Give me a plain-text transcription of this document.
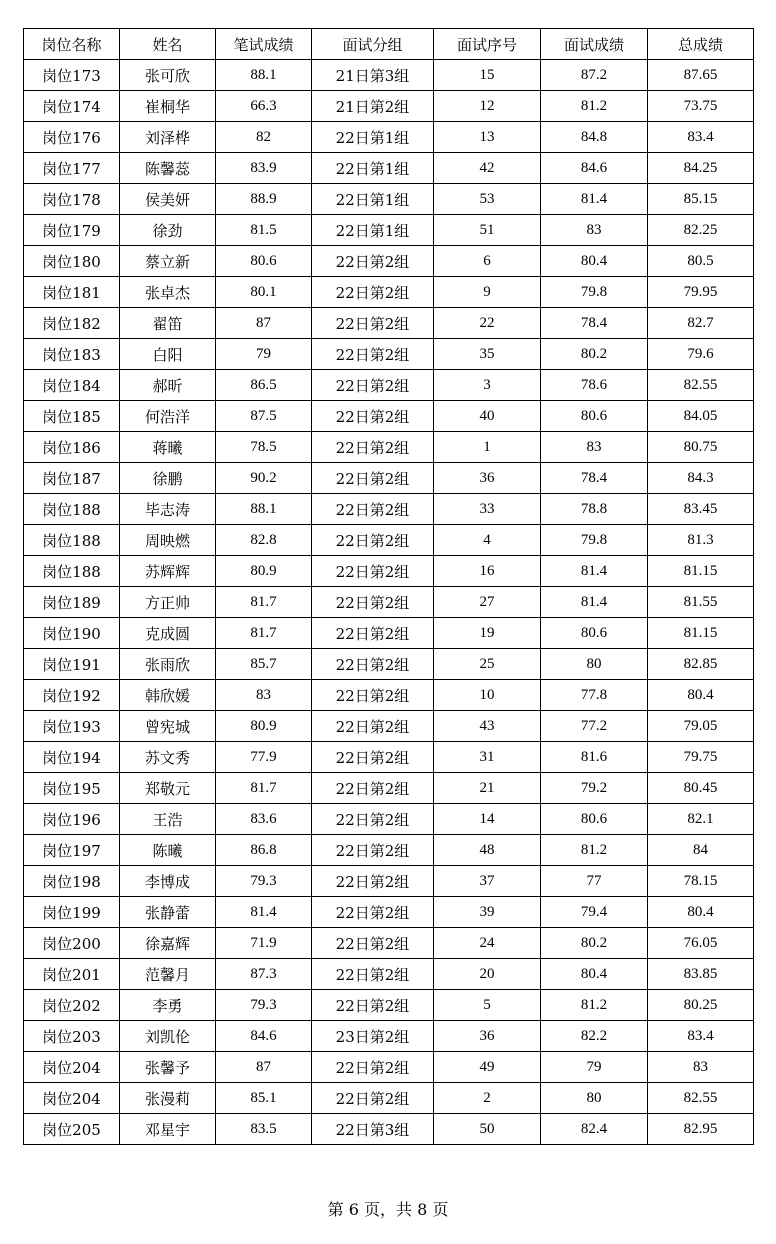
岗位名称	姓名	笔试成绩	面试分组	面试序号	面试成绩	总成绩
岗位173	张可欣	88.1	21日第3组	15	87.2	87.65
岗位174	崔桐华	66.3	21日第2组	12	81.2	73.75
岗位176	刘泽桦	82	22日第1组	13	84.8	83.4
岗位177	陈馨蕊	83.9	22日第1组	42	84.6	84.25
岗位178	侯美妍	88.9	22日第1组	53	81.4	85.15
岗位179	徐劲	81.5	22日第1组	51	83	82.25
岗位180	蔡立新	80.6	22日第2组	6	80.4	80.5
岗位181	张卓杰	80.1	22日第2组	9	79.8	79.95
岗位182	翟笛	87	22日第2组	22	78.4	82.7
岗位183	白阳	79	22日第2组	35	80.2	79.6
岗位184	郝昕	86.5	22日第2组	3	78.6	82.55
岗位185	何浩洋	87.5	22日第2组	40	80.6	84.05
岗位186	蒋曦	78.5	22日第2组	1	83	80.75
岗位187	徐鹏	90.2	22日第2组	36	78.4	84.3
岗位188	毕志涛	88.1	22日第2组	33	78.8	83.45
岗位188	周映燃	82.8	22日第2组	4	79.8	81.3
岗位188	苏辉辉	80.9	22日第2组	16	81.4	81.15
岗位189	方正帅	81.7	22日第2组	27	81.4	81.55
岗位190	克成圆	81.7	22日第2组	19	80.6	81.15
岗位191	张雨欣	85.7	22日第2组	25	80	82.85
岗位192	韩欣媛	83	22日第2组	10	77.8	80.4
岗位193	曾宪城	80.9	22日第2组	43	77.2	79.05
岗位194	苏文秀	77.9	22日第2组	31	81.6	79.75
岗位195	郑敬元	81.7	22日第2组	21	79.2	80.45
岗位196	王浩	83.6	22日第2组	14	80.6	82.1
岗位197	陈曦	86.8	22日第2组	48	81.2	84
岗位198	李博成	79.3	22日第2组	37	77	78.15
岗位199	张静蕾	81.4	22日第2组	39	79.4	80.4
岗位200	徐嘉辉	71.9	22日第2组	24	80.2	76.05
岗位201	范馨月	87.3	22日第2组	20	80.4	83.85
岗位202	李勇	79.3	22日第2组	5	81.2	80.25
岗位203	刘凯伦	84.6	23日第2组	36	82.2	83.4
岗位204	张馨予	87	22日第2组	49	79	83
岗位204	张漫莉	85.1	22日第2组	2	80	82.55
岗位205	邓星宇	83.5	22日第3组	50	82.4	82.95
第 6 页，共 8 页
